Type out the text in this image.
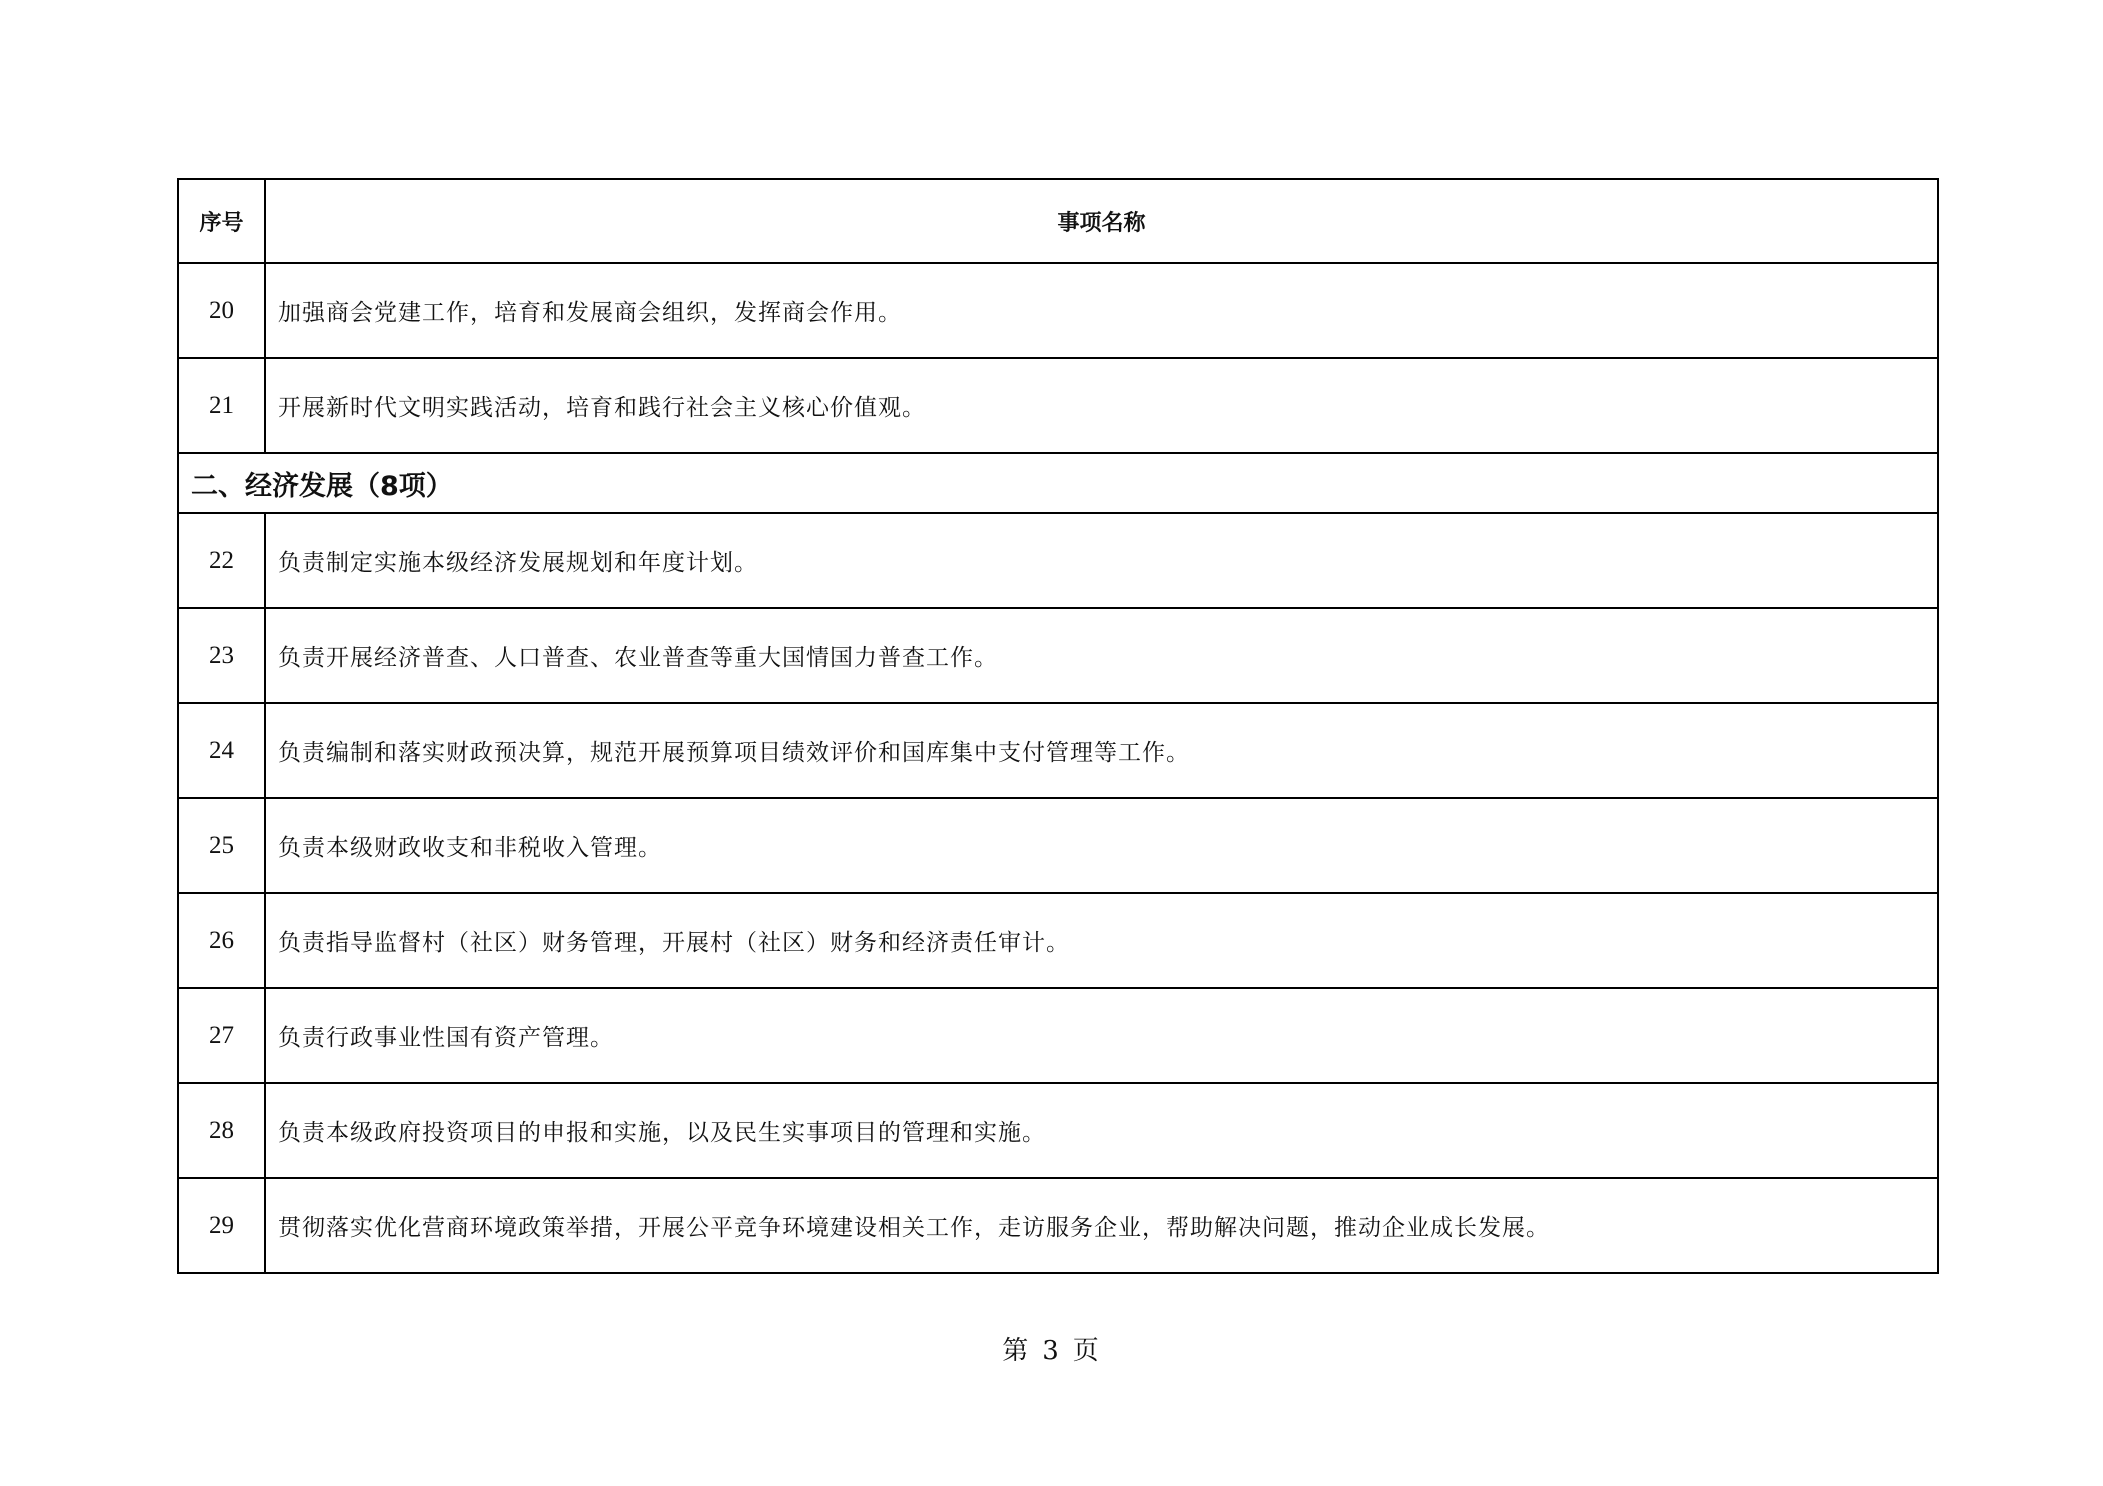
序号	事项名称
20	加强商会党建工作，培育和发展商会组织，发挥商会作用。
21	开展新时代文明实践活动，培育和践行社会主义核心价值观。
二、经济发展（8项）	
22	负责制定实施本级经济发展规划和年度计划。
23	负责开展经济普查、人口普查、农业普查等重大国情国力普查工作。
24	负责编制和落实财政预决算，规范开展预算项目绩效评价和国库集中支付管理等工作。
25	负责本级财政收支和非税收入管理。
26	负责指导监督村（社区）财务管理，开展村（社区）财务和经济责任审计。
27	负责行政事业性国有资产管理。
28	负责本级政府投资项目的申报和实施，以及民生实事项目的管理和实施。
29	贯彻落实优化营商环境政策举措，开展公平竞争环境建设相关工作，走访服务企业，帮助解决问题，推动企业成长发展。
第 3 页
